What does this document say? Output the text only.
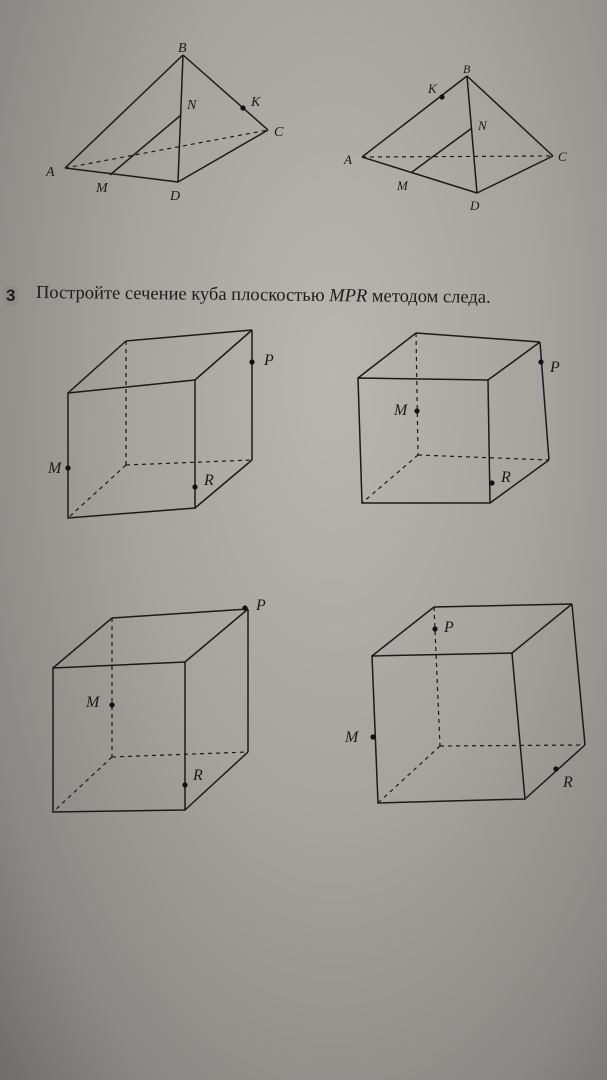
B
N	K
C
A
M
D
K
B
N
A	C
M
D
3 Постройте сечение куба плоскостью MPR методом следа.
P
M
R
M
P
R
P
M
R
P
M
R
